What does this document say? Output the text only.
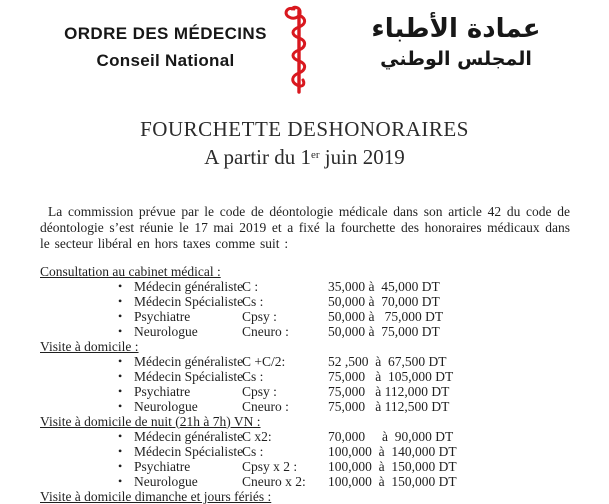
ORDRE DES MÉDECINS
Conseil National
عمادة الأطباء
المجلس الوطني
FOURCHETTE DESHONORAIRES
A partir du 1er juin 2019

La commission prévue par le code de déontologie médicale dans son article 42 du code de déontologie s’est réunie le 17 mai 2019 et a fixé la fourchette des honoraires médicaux dans le secteur libéral en hors taxes comme suit :

Consultation au cabinet médical :
• Médecin généraliste
C :	35,000 à  45,000 DT
• Médecin Spécialiste
Cs :	50,000 à  70,000 DT
• Psychiatre	Cpsy :	50,000 à   75,000 DT
• Neurologue	Cneuro :	50,000 à  75,000 DT
Visite à domicile :
• Médecin généraliste
C +C/2:	52 ,500  à  67,500 DT
• Médecin Spécialiste
Cs :	75,000   à  105,000 DT
• Psychiatre	Cpsy :	75,000   à 112,000 DT
• Neurologue	Cneuro :	75,000   à 112,500 DT
Visite à domicile de nuit (21h à 7h) VN :
• Médecin généraliste
C x2:	70,000     à  90,000 DT
• Médecin Spécialiste
Cs :	100,000  à  140,000 DT
• Psychiatre	Cpsy x 2 :	100,000  à  150,000 DT
• Neurologue	Cneuro x 2:	100,000  à  150,000 DT
Visite à domicile dimanche et jours fériés :
